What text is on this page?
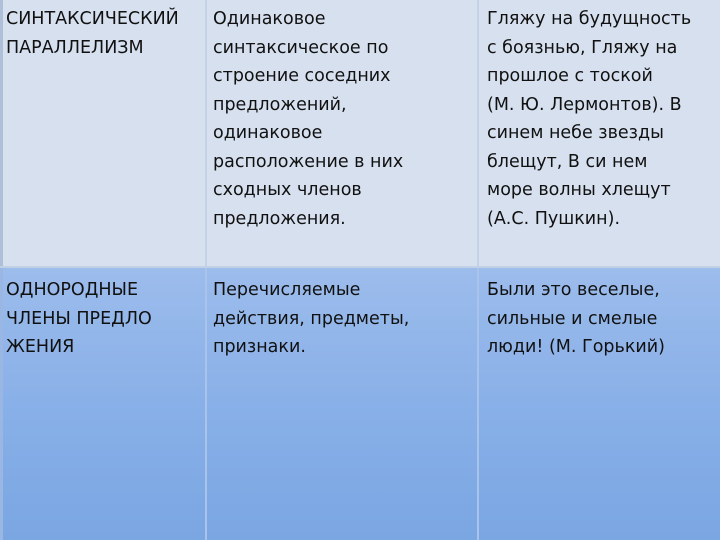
СИНТАКСИЧЕСКИЙ
ПАРАЛЛЕЛИЗМ
Одинаковое
синтаксическое по
строение соседних
предложений,
одинаковое
расположение в них
сходных членов
предложения.
Гляжу на будущность
с боязнью, Гляжу на
прошлое с тоской
(М. Ю. Лермонтов). В
синем небе звезды
блещут, В си нем
море волны хлещут
(А.С. Пушкин).
ОДНОРОДНЫЕ
ЧЛЕНЫ ПРЕДЛО
ЖЕНИЯ
Перечисляемые
действия, предметы,
признаки.
Были это веселые,
сильные и смелые
люди! (М. Горький)
